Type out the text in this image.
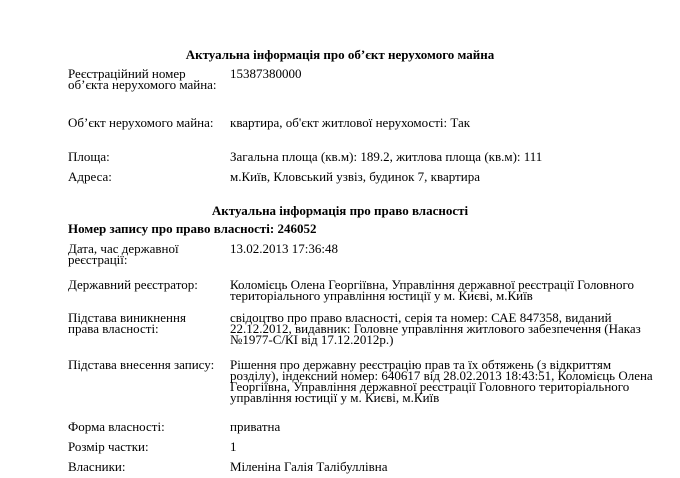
Актуальна інформація про об’єкт нерухомого майна
Реєстраційний номер об’єкта нерухомого майна:
15387380000
Об’єкт нерухомого майна:	квартира, об'єкт житлової нерухомості: Так
Площа:	Загальна площа (кв.м): 189.2, житлова площа (кв.м): 111
Адреса:	м.Київ, Кловський узвіз, будинок 7, квартира
Актуальна інформація про право власності
Номер запису про право власності: 246052
Дата, час державної реєстрації:
13.02.2013 17:36:48
Державний реєстратор:	Коломієць Олена Георгіївна, Управління державної реєстрації Головного територіального управління юстиції у м. Києві, м.Київ
Підстава виникнення права власності:
свідоцтво про право власності, серія та номер: САЕ 847358, виданий 22.12.2012, видавник: Головне управління житлового забезпечення (Наказ №1977-С/КІ від 17.12.2012р.)
Підстава внесення запису: Рішення про державну реєстрацію прав та їх обтяжень (з відкриттям розділу), індексний номер: 640617 від 28.02.2013 18:43:51, Коломієць Олена Георгіївна, Управління державної реєстрації Головного територіального управління юстиції у м. Києві, м.Київ
Форма власності:	приватна
Розмір частки:	1
Власники:	Міленіна Галія Талібуллівна
